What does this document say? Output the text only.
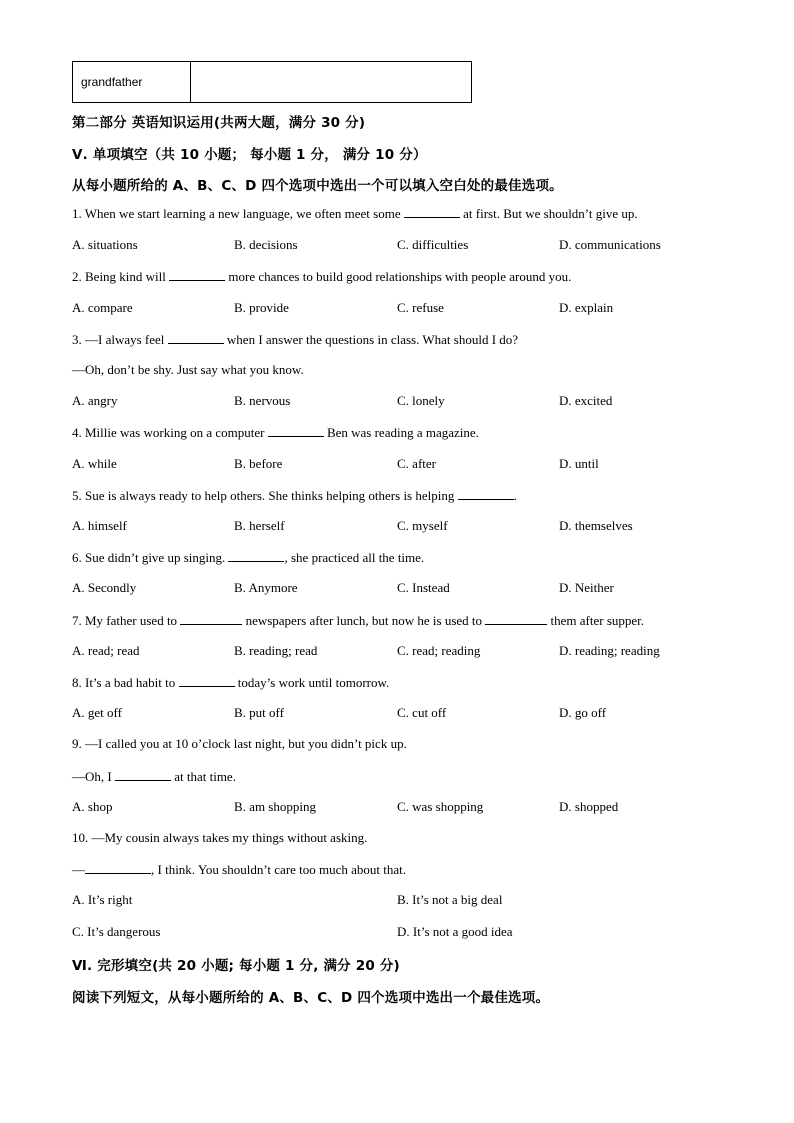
grandfather	
第二部分 英语知识运用(共两大题，满分 30 分)
Ⅴ. 单项填空（共 10 小题； 每小题 1 分， 满分 10 分）
从每小题所给的 A、B、C、D 四个选项中选出一个可以填入空白处的最佳选项。
1. When we start learning a new language, we often meet some	at first. But we shouldn’t give up.
A. situations	B. decisions	C. difficulties	D. communications
2. Being kind will	more chances to build good relationships with people around you.
A. compare	B. provide	C. refuse	D. explain
3. —I always feel	when I answer the questions in class. What should I do?
—Oh, don’t be shy. Just say what you know.
A. angry	B. nervous	C. lonely	D. excited
4. Millie was working on a computer	Ben was reading a magazine.
A. while	B. before	C. after	D. until
5. Sue is always ready to help others. She thinks helping others is helping	.
A. himself	B. herself	C. myself	D. themselves
6. Sue didn’t give up singing.	, she practiced all the time.
A. Secondly	B. Anymore	C. Instead	D. Neither
7. My father used to	newspapers after lunch, but now he is used to	them after supper.
A. read; read	B. reading; read	C. read; reading	D. reading; reading
8. It’s a bad habit to	today’s work until tomorrow.
A. get off	B. put off	C. cut off	D. go off
9. —I called you at 10 o’clock last night, but you didn’t pick up.
—Oh, I	at that time.
A. shop	B. am shopping	C. was shopping	D. shopped
10. —My cousin always takes my things without asking.
—	, I think. You shouldn’t care too much about that.
A. It’s right	B. It’s not a big deal
C. It’s dangerous	D. It’s not a good idea
Ⅵ. 完形填空(共 20 小题; 每小题 1 分, 满分 20 分)
阅读下列短文，从每小题所给的 A、B、C、D 四个选项中选出一个最佳选项。
